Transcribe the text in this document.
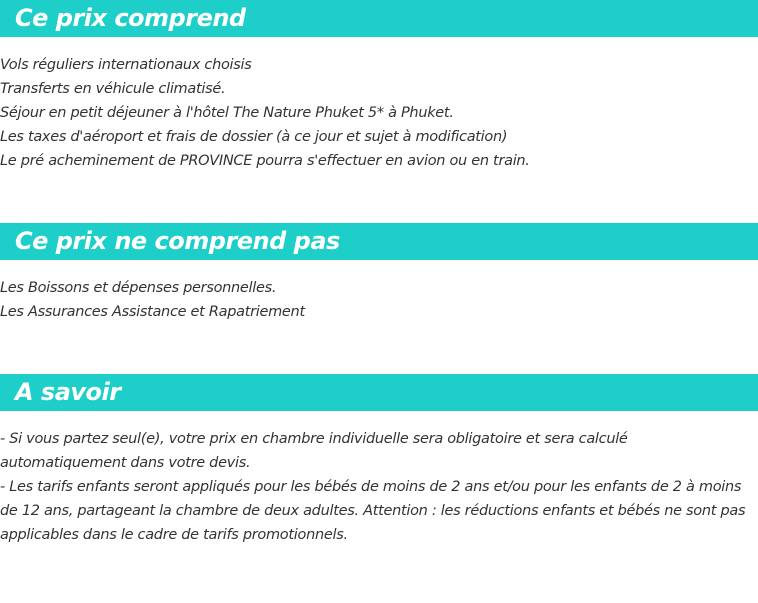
Ce prix comprend

Vols réguliers internationaux choisis

Transferts en véhicule climatisé.

Séjour en petit déjeuner à l'hôtel The Nature Phuket 5* à Phuket.

Les taxes d'aéroport et frais de dossier (à ce jour et sujet à modification)

Le pré acheminement de PROVINCE pourra s'effectuer en avion ou en train.

Ce prix ne comprend pas

Les Boissons et dépenses personnelles.

Les Assurances Assistance et Rapatriement

A savoir

- Si vous partez seul(e), votre prix en chambre individuelle sera obligatoire et sera calculé automatiquement dans votre devis.

- Les tarifs enfants seront appliqués pour les bébés de moins de 2 ans et/ou pour les enfants de 2 à moins de 12 ans, partageant la chambre de deux adultes. Attention : les réductions enfants et bébés ne sont pas applicables dans le cadre de tarifs promotionnels.
